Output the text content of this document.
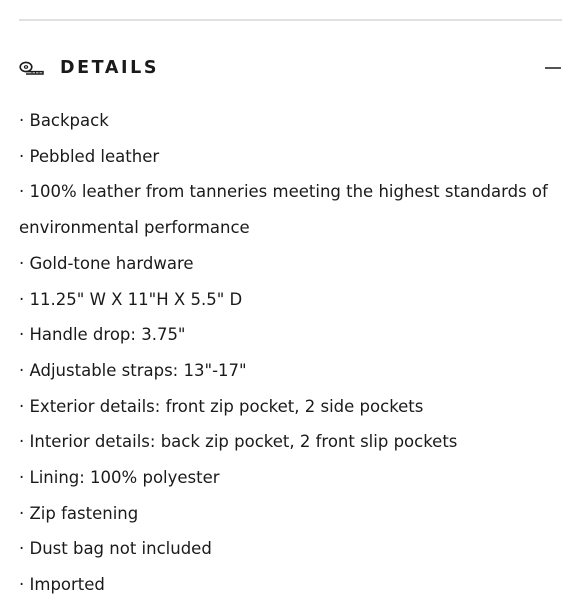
DETAILS
· Backpack
· Pebbled leather
· 100% leather from tanneries meeting the highest standards of environmental performance
· Gold-tone hardware
· 11.25" W X 11"H X 5.5" D
· Handle drop: 3.75"
· Adjustable straps: 13"-17"
· Exterior details: front zip pocket, 2 side pockets
· Interior details: back zip pocket, 2 front slip pockets
· Lining: 100% polyester
· Zip fastening
· Dust bag not included
· Imported
